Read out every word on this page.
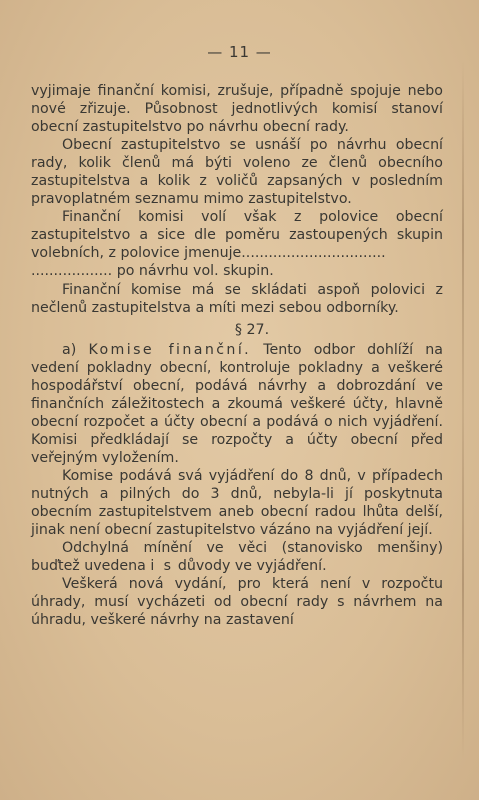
— 11 —

vyjimaje finanční komisi, zrušuje, případně spojuje nebo nové zřizuje. Působnost jednotlivých komisí stanoví obecní zastupitelstvo po návrhu obecní rady.

Obecní zastupitelstvo se usnáší po návrhu obecní rady, kolik členů má býti voleno ze členů obecního zastupitelstva a kolik z voličů zapsaných v posledním pravoplatném seznamu mimo zastupitelstvo.

Finanční komisi volí však z polovice obecní zastupitelstvo a sice dle poměru zastoupených skupin volebních, z polovice jmenuje................................
.................. po návrhu vol. skupin.

Finanční komise má se skládati aspoň polovici z nečlenů zastupitelstva a míti mezi sebou odborníky.

§ 27.

a) Komise finanční. Tento odbor dohlíží na vedení pokladny obecní, kontroluje pokladny a veškeré hospodářství obecní, podává návrhy a dobrozdání ve finančních záležitostech a zkoumá veškeré účty, hlavně obecní rozpočet a účty obecní a podává o nich vyjádření. Komisi předkládají se rozpočty a účty obecní před veřejným vyložením.

Komise podává svá vyjádření do 8 dnů, v případech nutných a pilných do 3 dnů, nebyla-li jí poskytnuta obecním zastupitelstvem aneb obecní radou lhůta delší, jinak není obecní zastupitelstvo vázáno na vyjádření její.

Odchylná mínění ve věci (stanovisko menšiny) buďtež uvedena i s důvody ve vyjádření.

Veškerá nová vydání, pro která není v rozpočtu úhrady, musí vycházeti od obecní rady s návrhem na úhradu, veškeré návrhy na zastavení
